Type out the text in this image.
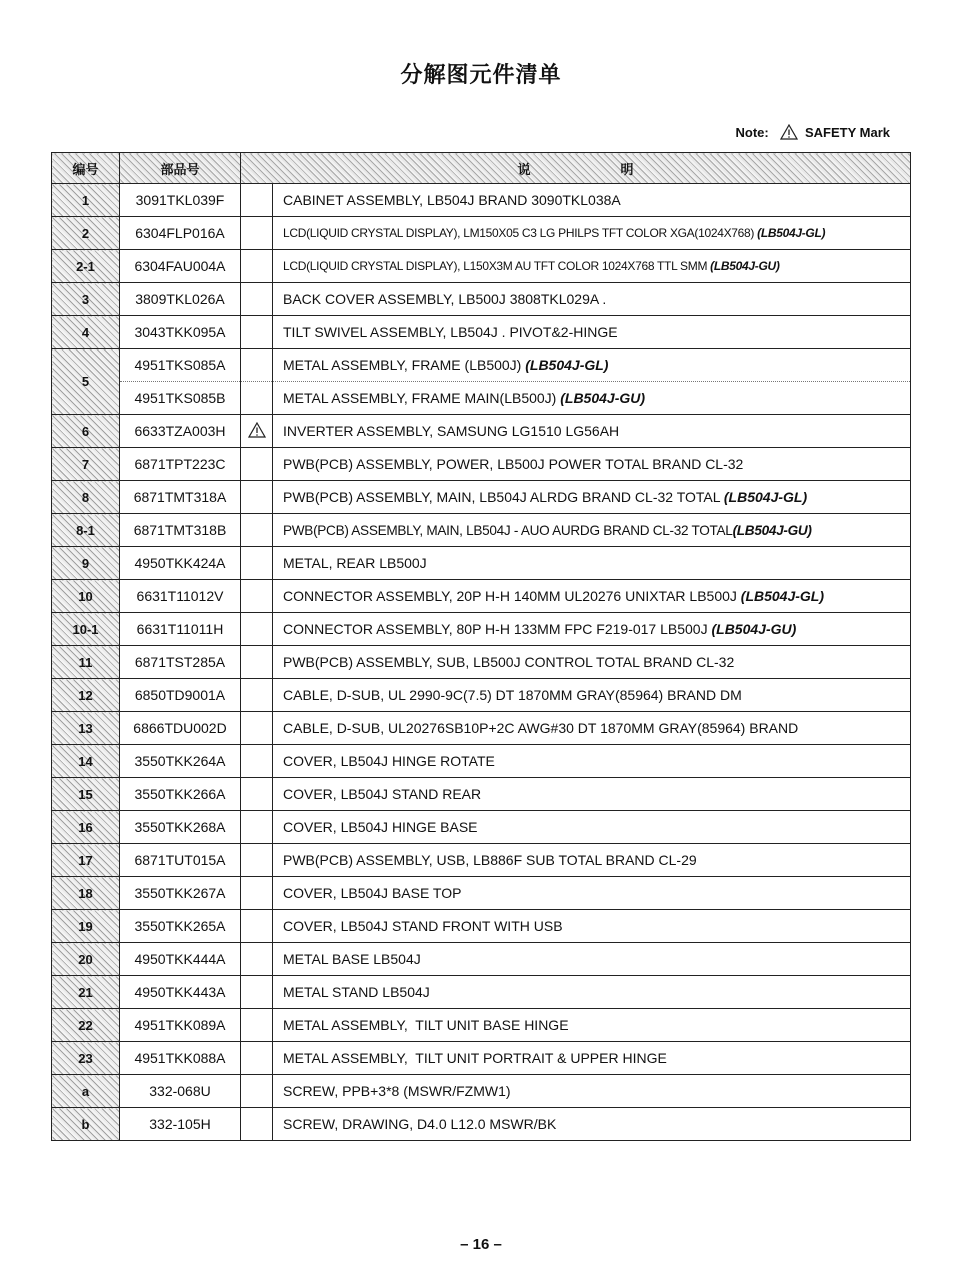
分解图元件清单
Note:	SAFETY Mark
编号	部品号	说 明	
1	3091TKL039F		CABINET ASSEMBLY, LB504J BRAND 3090TKL038A
2	6304FLP016A		LCD(LIQUID CRYSTAL DISPLAY), LM150X05 C3 LG PHILPS TFT COLOR XGA(1024X768) (LB504J-GL)
2-1	6304FAU004A		LCD(LIQUID CRYSTAL DISPLAY), L150X3M AU TFT COLOR 1024X768 TTL SMM (LB504J-GU)
3	3809TKL026A		BACK COVER ASSEMBLY, LB500J 3808TKL029A .
4	3043TKK095A		TILT SWIVEL ASSEMBLY, LB504J . PIVOT&2-HINGE
5	4951TKS085A		METAL ASSEMBLY, FRAME (LB500J) (LB504J-GL)
	4951TKS085B		METAL ASSEMBLY, FRAME MAIN(LB500J) (LB504J-GU)
6	6633TZA003H		INVERTER ASSEMBLY, SAMSUNG LG1510 LG56AH
7	6871TPT223C		PWB(PCB) ASSEMBLY, POWER, LB500J POWER TOTAL BRAND CL-32
8	6871TMT318A		PWB(PCB) ASSEMBLY, MAIN, LB504J ALRDG BRAND CL-32 TOTAL (LB504J-GL)
8-1	6871TMT318B		PWB(PCB) ASSEMBLY, MAIN, LB504J - AUO AURDG BRAND CL-32 TOTAL(LB504J-GU)
9	4950TKK424A		METAL, REAR LB500J
10	6631T11012V		CONNECTOR ASSEMBLY, 20P H-H 140MM UL20276 UNIXTAR LB500J (LB504J-GL)
10-1	6631T11011H		CONNECTOR ASSEMBLY, 80P H-H 133MM FPC F219-017 LB500J (LB504J-GU)
11	6871TST285A		PWB(PCB) ASSEMBLY, SUB, LB500J CONTROL TOTAL BRAND CL-32
12	6850TD9001A		CABLE, D-SUB, UL 2990-9C(7.5) DT 1870MM GRAY(85964) BRAND DM
13	6866TDU002D		CABLE, D-SUB, UL20276SB10P+2C AWG#30 DT 1870MM GRAY(85964) BRAND
14	3550TKK264A		COVER, LB504J HINGE ROTATE
15	3550TKK266A		COVER, LB504J STAND REAR
16	3550TKK268A		COVER, LB504J HINGE BASE
17	6871TUT015A		PWB(PCB) ASSEMBLY, USB, LB886F SUB TOTAL BRAND CL-29
18	3550TKK267A		COVER, LB504J BASE TOP
19	3550TKK265A		COVER, LB504J STAND FRONT WITH USB
20	4950TKK444A		METAL BASE LB504J
21	4950TKK443A		METAL STAND LB504J
22	4951TKK089A		METAL ASSEMBLY,  TILT UNIT BASE HINGE
23	4951TKK088A		METAL ASSEMBLY,  TILT UNIT PORTRAIT & UPPER HINGE
a	332-068U		SCREW, PPB+3*8 (MSWR/FZMW1)
b	332-105H		SCREW, DRAWING, D4.0 L12.0 MSWR/BK
– 16 –
